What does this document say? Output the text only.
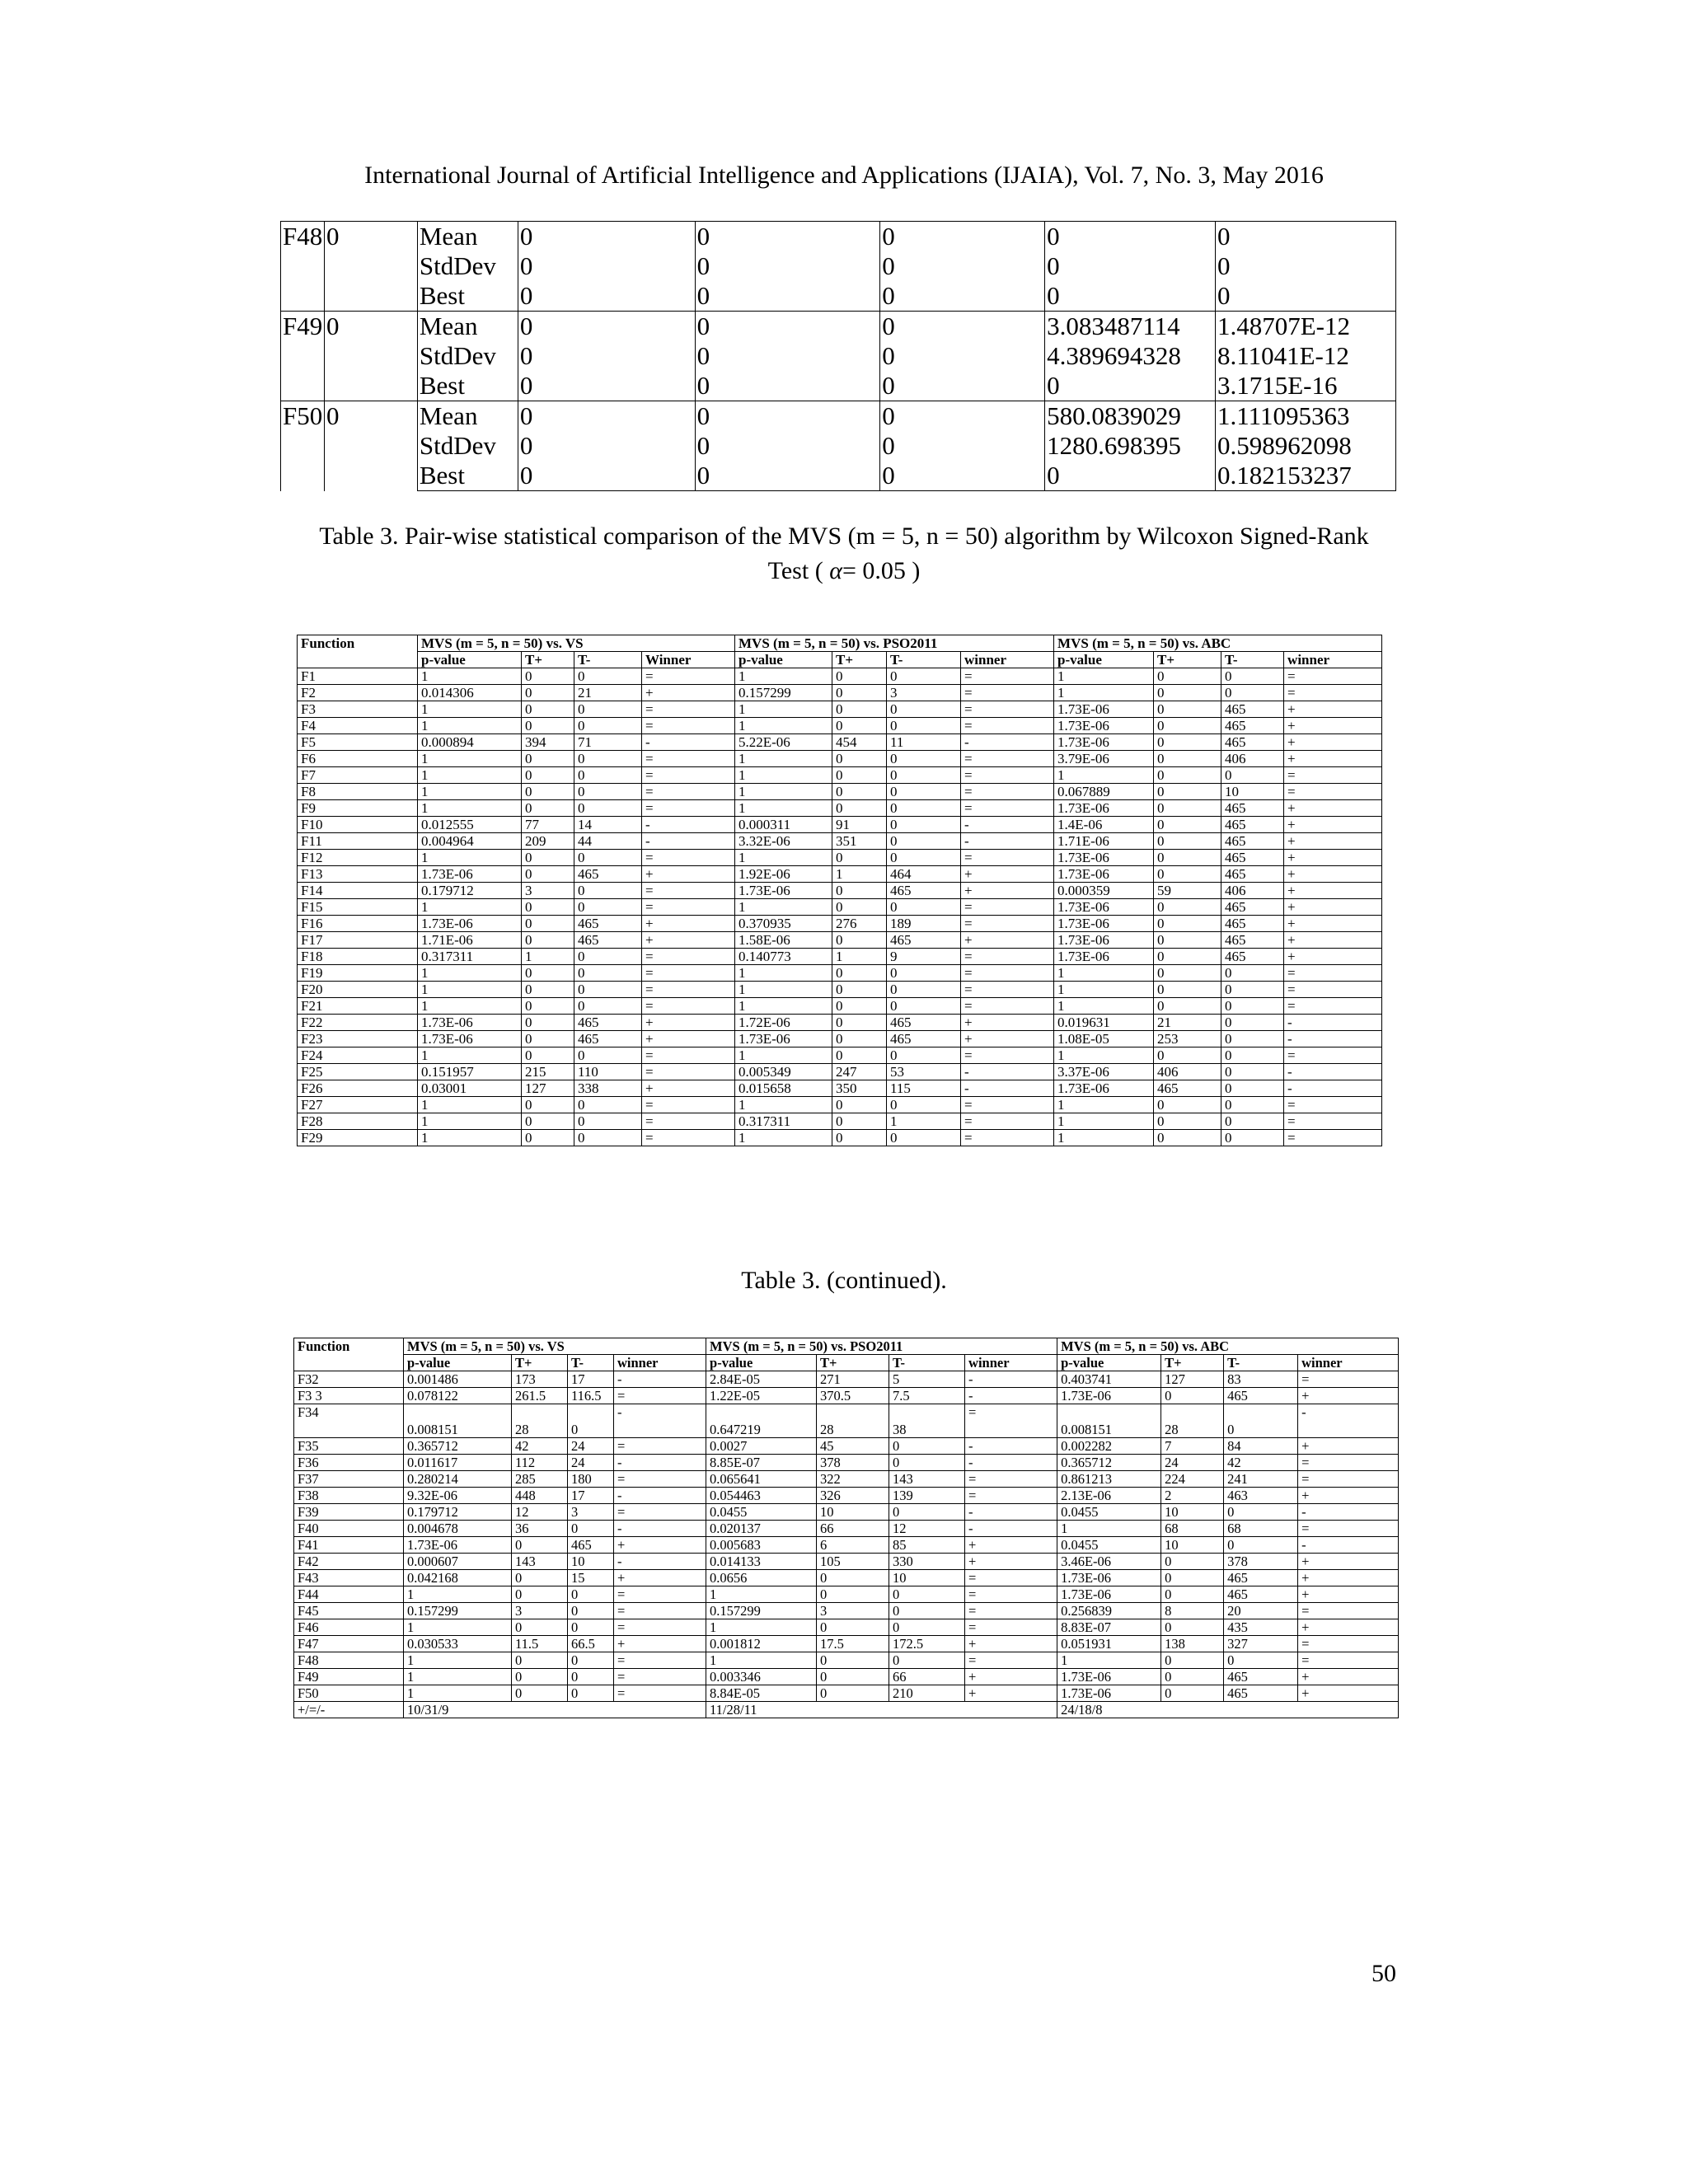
International Journal of Artificial Intelligence and Applications (IJAIA), Vol. 7, No. 3, May 2016
F48	0	Mean	0	0	0	0	0
		StdDev	0	0	0	0	0
		Best	0	0	0	0	0
F49	0	Mean	0	0	0	3.083487114	1.48707E-12
		StdDev	0	0	0	4.389694328	8.11041E-12
		Best	0	0	0	0	3.1715E-16
F50	0	Mean	0	0	0	580.0839029	1.111095363
		StdDev	0	0	0	1280.698395	0.598962098
		Best	0	0	0	0	0.182153237
Table 3. Pair-wise statistical comparison of the MVS (m = 5, n = 50) algorithm by Wilcoxon Signed-Rank
Test ( α= 0.05 )
Function	MVS (m = 5, n = 50) vs. VS				MVS (m = 5, n = 50) vs. PSO2011				MVS (m = 5, n = 50) vs. ABC			
	p-value	T+	T-	Winner	p-value	T+	T-	winner	p-value	T+	T-	winner
F1	1	0	0	=	1	0	0	=	1	0	0	=
F2	0.014306	0	21	+	0.157299	0	3	=	1	0	0	=
F3	1	0	0	=	1	0	0	=	1.73E-06	0	465	+
F4	1	0	0	=	1	0	0	=	1.73E-06	0	465	+
F5	0.000894	394	71	-	5.22E-06	454	11	-	1.73E-06	0	465	+
F6	1	0	0	=	1	0	0	=	3.79E-06	0	406	+
F7	1	0	0	=	1	0	0	=	1	0	0	=
F8	1	0	0	=	1	0	0	=	0.067889	0	10	=
F9	1	0	0	=	1	0	0	=	1.73E-06	0	465	+
F10	0.012555	77	14	-	0.000311	91	0	-	1.4E-06	0	465	+
F11	0.004964	209	44	-	3.32E-06	351	0	-	1.71E-06	0	465	+
F12	1	0	0	=	1	0	0	=	1.73E-06	0	465	+
F13	1.73E-06	0	465	+	1.92E-06	1	464	+	1.73E-06	0	465	+
F14	0.179712	3	0	=	1.73E-06	0	465	+	0.000359	59	406	+
F15	1	0	0	=	1	0	0	=	1.73E-06	0	465	+
F16	1.73E-06	0	465	+	0.370935	276	189	=	1.73E-06	0	465	+
F17	1.71E-06	0	465	+	1.58E-06	0	465	+	1.73E-06	0	465	+
F18	0.317311	1	0	=	0.140773	1	9	=	1.73E-06	0	465	+
F19	1	0	0	=	1	0	0	=	1	0	0	=
F20	1	0	0	=	1	0	0	=	1	0	0	=
F21	1	0	0	=	1	0	0	=	1	0	0	=
F22	1.73E-06	0	465	+	1.72E-06	0	465	+	0.019631	21	0	-
F23	1.73E-06	0	465	+	1.73E-06	0	465	+	1.08E-05	253	0	-
F24	1	0	0	=	1	0	0	=	1	0	0	=
F25	0.151957	215	110	=	0.005349	247	53	-	3.37E-06	406	0	-
F26	0.03001	127	338	+	0.015658	350	115	-	1.73E-06	465	0	-
F27	1	0	0	=	1	0	0	=	1	0	0	=
F28	1	0	0	=	0.317311	0	1	=	1	0	0	=
F29	1	0	0	=	1	0	0	=	1	0	0	=
Table 3. (continued).
Function	MVS (m = 5, n = 50) vs. VS				MVS (m = 5, n = 50) vs. PSO2011				MVS (m = 5, n = 50) vs. ABC			
	p-value	T+	T-	winner	p-value	T+	T-	winner	p-value	T+	T-	winner
F32	0.001486	173	17	-	2.84E-05	271	5	-	0.403741	127	83	=
F3 3	0.078122	261.5	116.5	=	1.22E-05	370.5	7.5	-	1.73E-06	0	465	+
F34	0.008151	28	0	-	0.647219	28	38	=	0.008151	28	0	-
F35	0.365712	42	24	=	0.0027	45	0	-	0.002282	7	84	+
F36	0.011617	112	24	-	8.85E-07	378	0	-	0.365712	24	42	=
F37	0.280214	285	180	=	0.065641	322	143	=	0.861213	224	241	=
F38	9.32E-06	448	17	-	0.054463	326	139	=	2.13E-06	2	463	+
F39	0.179712	12	3	=	0.0455	10	0	-	0.0455	10	0	-
F40	0.004678	36	0	-	0.020137	66	12	-	1	68	68	=
F41	1.73E-06	0	465	+	0.005683	6	85	+	0.0455	10	0	-
F42	0.000607	143	10	-	0.014133	105	330	+	3.46E-06	0	378	+
F43	0.042168	0	15	+	0.0656	0	10	=	1.73E-06	0	465	+
F44	1	0	0	=	1	0	0	=	1.73E-06	0	465	+
F45	0.157299	3	0	=	0.157299	3	0	=	0.256839	8	20	=
F46	1	0	0	=	1	0	0	=	8.83E-07	0	435	+
F47	0.030533	11.5	66.5	+	0.001812	17.5	172.5	+	0.051931	138	327	=
F48	1	0	0	=	1	0	0	=	1	0	0	=
F49	1	0	0	=	0.003346	0	66	+	1.73E-06	0	465	+
F50	1	0	0	=	8.84E-05	0	210	+	1.73E-06	0	465	+
+/=/-	10/31/9				11/28/11				24/18/8			
50
